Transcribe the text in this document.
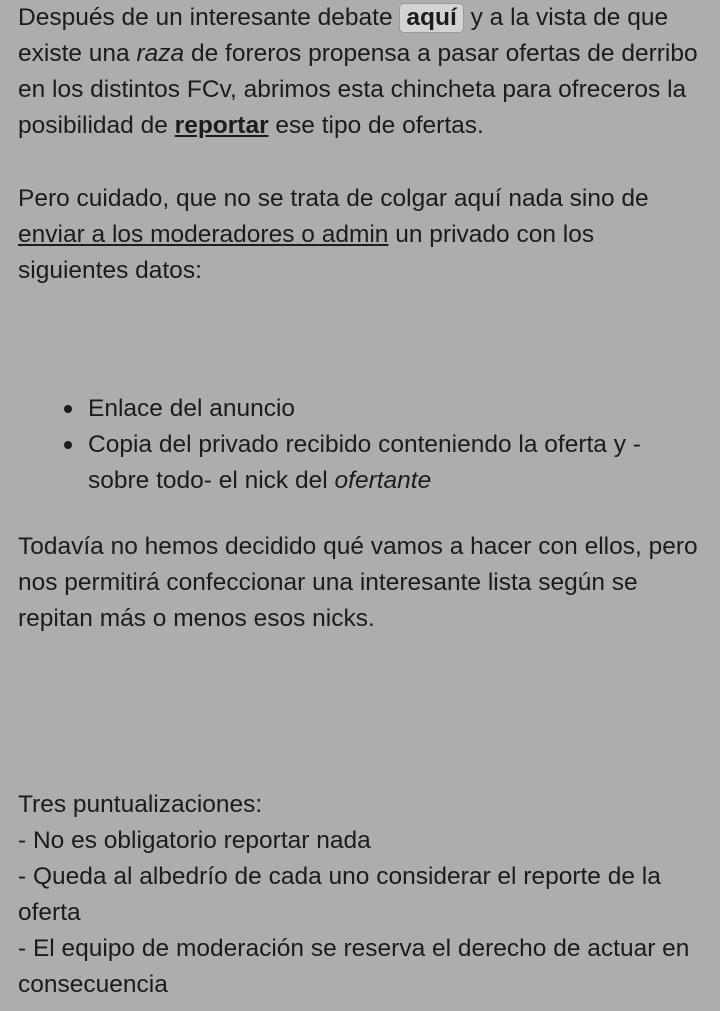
Después de un interesante debate aquí y a la vista de que existe una raza de foreros propensa a pasar ofertas de derribo en los distintos FCv, abrimos esta chincheta para ofreceros la posibilidad de reportar ese tipo de ofertas.

Pero cuidado, que no se trata de colgar aquí nada sino de enviar a los moderadores o admin un privado con los siguientes datos:

Enlace del anuncio
Copia del privado recibido conteniendo la oferta y - sobre todo- el nick del ofertante

Todavía no hemos decidido qué vamos a hacer con ellos, pero nos permitirá confeccionar una interesante lista según se repitan más o menos esos nicks.

Tres puntualizaciones:
- No es obligatorio reportar nada
- Queda al albedrío de cada uno considerar el reporte de la oferta
- El equipo de moderación se reserva el derecho de actuar en consecuencia
